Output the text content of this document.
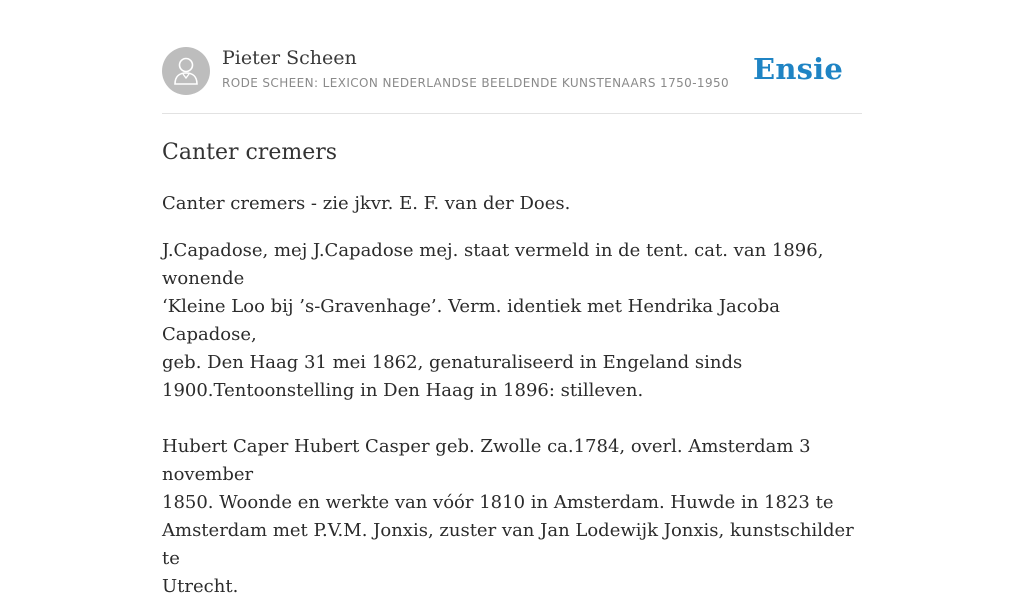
Pieter Scheen
RODE SCHEEN: LEXICON NEDERLANDSE BEELDENDE KUNSTENAARS 1750-1950 Ensie
Canter cremers

Canter cremers - zie jkvr. E. F. van der Does.

J.Capadose, mej J.Capadose mej. staat vermeld in de tent. cat. van 1896, wonende
‘Kleine Loo bij ’s-Gravenhage’. Verm. identiek met Hendrika Jacoba Capadose,
geb. Den Haag 31 mei 1862, genaturaliseerd in Engeland sinds
1900.Tentoonstelling in Den Haag in 1896: stilleven.

Hubert Caper Hubert Casper geb. Zwolle ca.1784, overl. Amsterdam 3 november
1850. Woonde en werkte van vóór 1810 in Amsterdam. Huwde in 1823 te
Amsterdam met P.V.M. Jonxis, zuster van Jan Lodewijk Jonxis, kunstschilder te
Utrecht.
